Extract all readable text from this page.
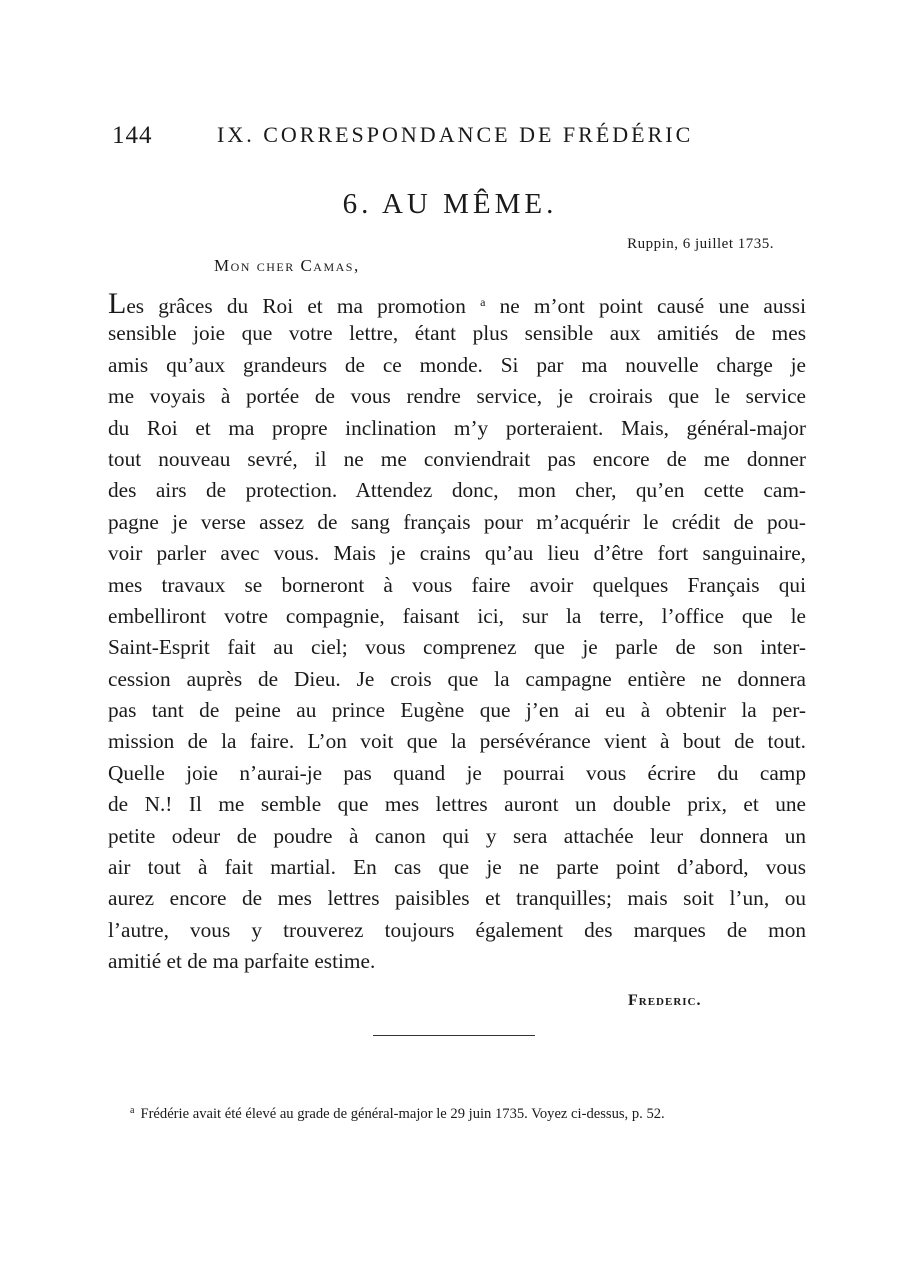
144	IX. CORRESPONDANCE DE FRÉDÉRIC
6. AU MÊME.
Ruppin, 6 juillet 1735.
Mon cher Camas,
Les grâces du Roi et ma promotion $^a$ ne m’ont point causé une aussi
sensible joie que votre lettre, étant plus sensible aux amitiés de mes
amis qu’aux grandeurs de ce monde. Si par ma nouvelle charge je
me voyais à portée de vous rendre service, je croirais que le service
du Roi et ma propre inclination m’y porteraient. Mais, général-major
tout nouveau sevré, il ne me conviendrait pas encore de me donner
des airs de protection. Attendez donc, mon cher, qu’en cette cam-
pagne je verse assez de sang français pour m’acquérir le crédit de pou-
voir parler avec vous. Mais je crains qu’au lieu d’être fort sanguinaire,
mes travaux se borneront à vous faire avoir quelques Français qui
embelliront votre compagnie, faisant ici, sur la terre, l’office que le
Saint-Esprit fait au ciel; vous comprenez que je parle de son inter-
cession auprès de Dieu. Je crois que la campagne entière ne donnera
pas tant de peine au prince Eugène que j’en ai eu à obtenir la per-
mission de la faire. L’on voit que la persévérance vient à bout de tout.
Quelle joie n’aurai-je pas quand je pourrai vous écrire du camp
de N.! Il me semble que mes lettres auront un double prix, et une
petite odeur de poudre à canon qui y sera attachée leur donnera un
air tout à fait martial. En cas que je ne parte point d’abord, vous
aurez encore de mes lettres paisibles et tranquilles; mais soit l’un, ou
l’autre, vous y trouverez toujours également des marques de mon
amitié et de ma parfaite estime.
Frederic.
$^a$ Frédérie avait été élevé au grade de général-major le 29 juin 1735. Voyez ci-dessus, p. 52.
